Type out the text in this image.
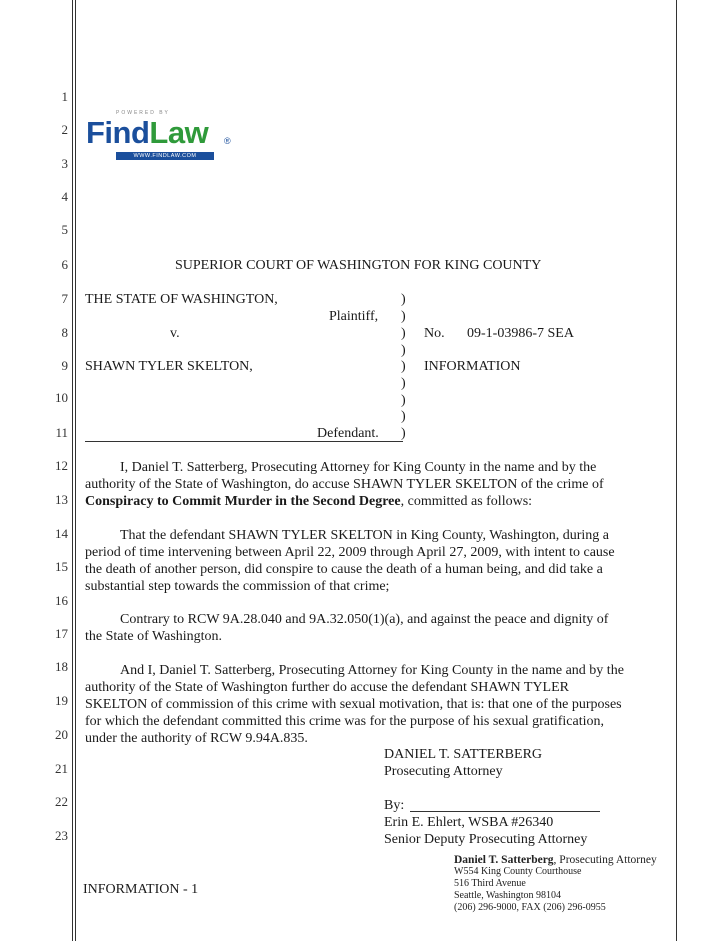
POWERED BY
FindLaw ®
WWW.FINDLAW.COM
1
2
3
4
5
6
7
8
9
10
11
12
13
14
15
16
17
18
19
20
21
22
23
SUPERIOR COURT OF WASHINGTON FOR KING COUNTY
THE STATE OF WASHINGTON,
Plaintiff,
v.
SHAWN TYLER SKELTON,
Defendant.
)
)
)
)
)
)
)
)
)
No. 09-1-03986-7 SEA
INFORMATION
I, Daniel T. Satterberg, Prosecuting Attorney for King County in the name and by the
authority of the State of Washington, do accuse SHAWN TYLER SKELTON of the crime of
Conspiracy to Commit Murder in the Second Degree, committed as follows:
That the defendant SHAWN TYLER SKELTON in King County, Washington, during a
period of time intervening between April 22, 2009 through April 27, 2009, with intent to cause
the death of another person, did conspire to cause the death of a human being, and did take a
substantial step towards the commission of that crime;
Contrary to RCW 9A.28.040 and 9A.32.050(1)(a), and against the peace and dignity of
the State of Washington.
And I, Daniel T. Satterberg, Prosecuting Attorney for King County in the name and by the
authority of the State of Washington further do accuse the defendant SHAWN TYLER
SKELTON of commission of this crime with sexual motivation, that is: that one of the purposes
for which the defendant committed this crime was for the purpose of his sexual gratification,
under the authority of RCW 9.94A.835.
DANIEL T. SATTERBERG
Prosecuting Attorney
By:
Erin E. Ehlert, WSBA #26340
Senior Deputy Prosecuting Attorney
INFORMATION - 1
Daniel T. Satterberg, Prosecuting Attorney
W554 King County Courthouse
516 Third Avenue
Seattle, Washington 98104
(206) 296-9000, FAX (206) 296-0955
